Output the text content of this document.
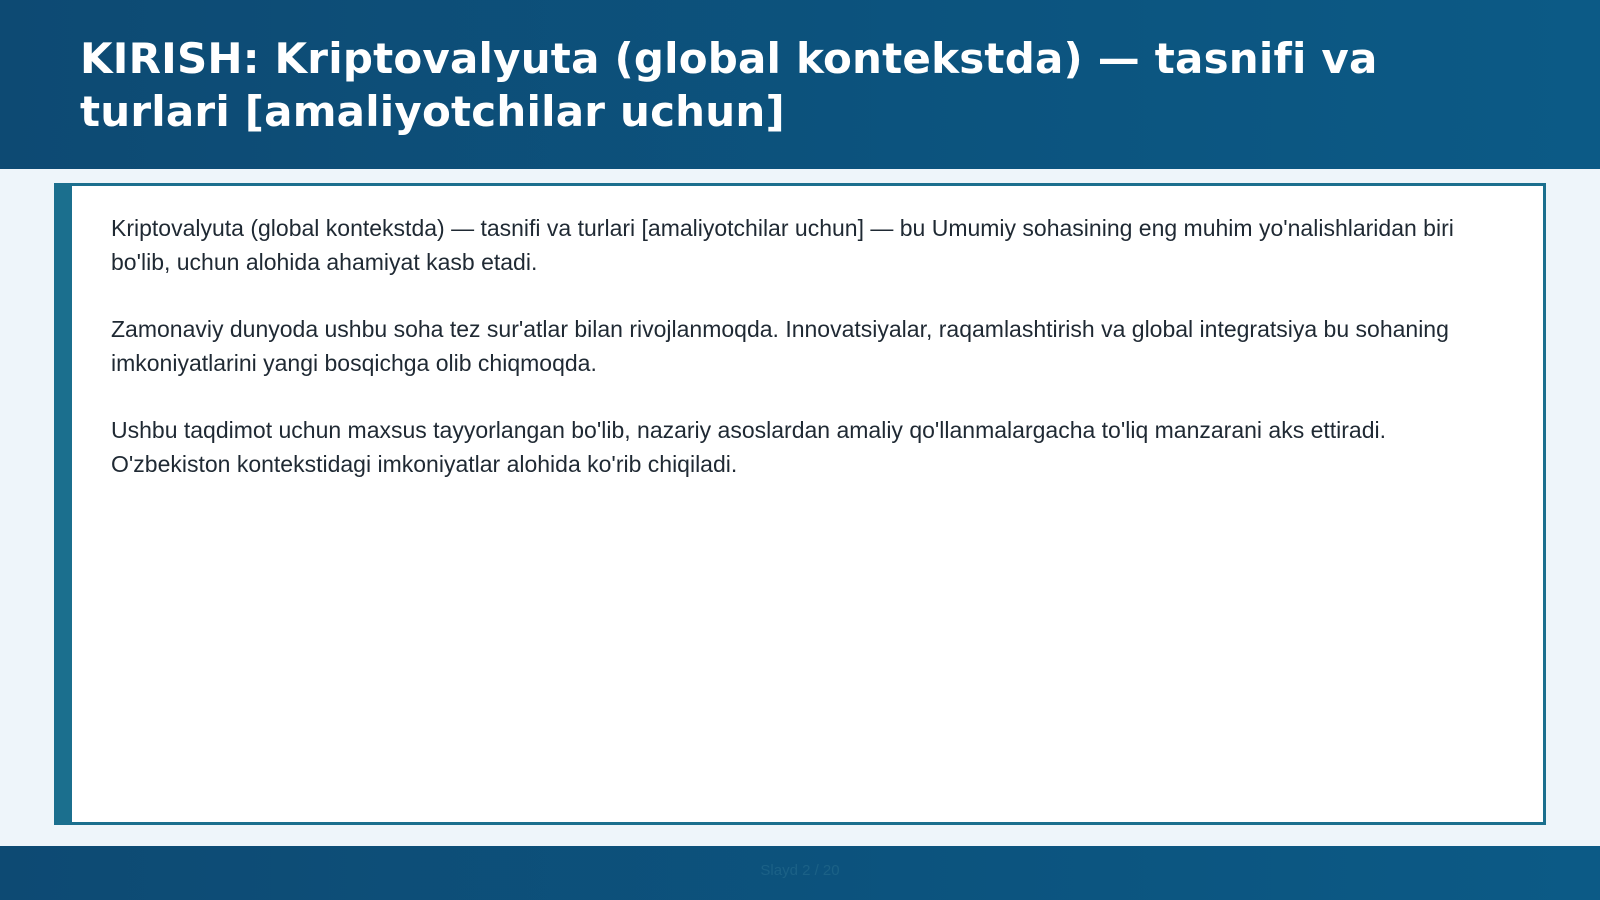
KIRISH: Kriptovalyuta (global kontekstda) — tasnifi va turlari [amaliyotchilar uchun]

Kriptovalyuta (global kontekstda) — tasnifi va turlari [amaliyotchilar uchun] — bu Umumiy sohasining eng muhim yo'nalishlaridan biri bo'lib, uchun alohida ahamiyat kasb etadi.

Zamonaviy dunyoda ushbu soha tez sur'atlar bilan rivojlanmoqda. Innovatsiyalar, raqamlashtirish va global integratsiya bu sohaning imkoniyatlarini yangi bosqichga olib chiqmoqda.

Ushbu taqdimot uchun maxsus tayyorlangan bo'lib, nazariy asoslardan amaliy qo'llanmalargacha to'liq manzarani aks ettiradi. O'zbekiston kontekstidagi imkoniyatlar alohida ko'rib chiqiladi.

Slayd 2 / 20
